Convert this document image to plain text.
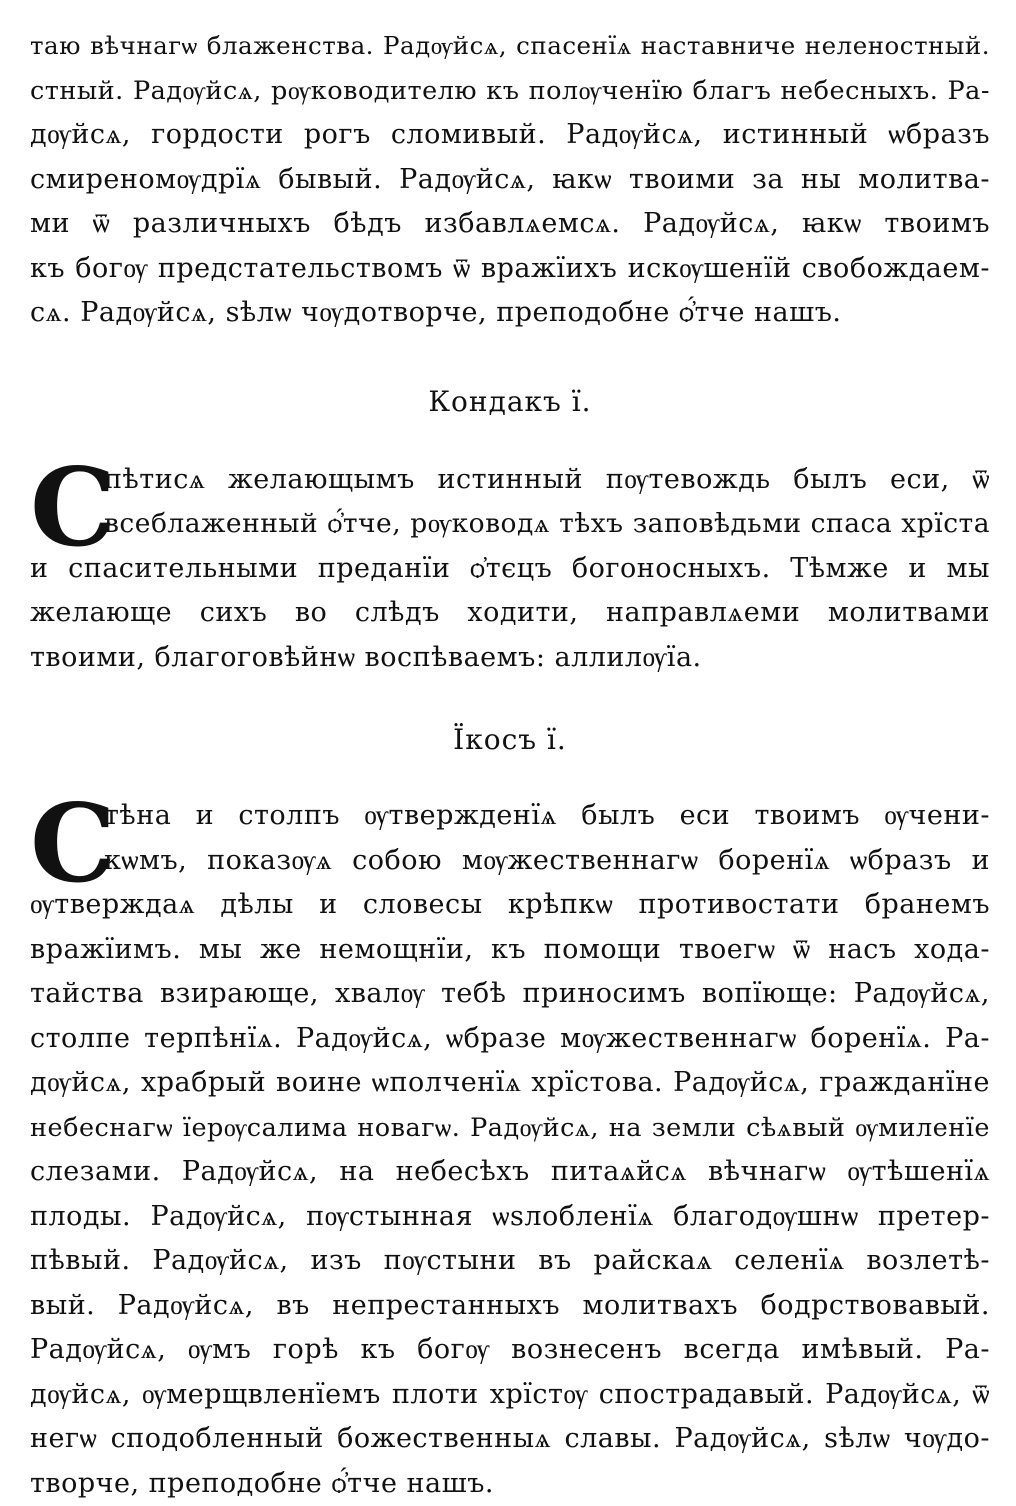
таю вѣчнагѡ блаженства. Радѹйсѧ, спасенїѧ наставниче неленостный.
стный. Радѹйсѧ, рѹководителю къ полѹченїю благъ небесныхъ. Ра-
дѹйсѧ, гордости рогъ сломивый. Радѹйсѧ, истинный ѡбразъ
смиреномѹдрїѧ бывый. Радѹйсѧ, ꙗкѡ твоими за ны молитва-
ми ѿ различныхъ бѣдъ избавлѧемсѧ. Радѹйсѧ, ꙗкѡ твоимъ
къ богѹ предстательствомъ ѿ вражїихъ искѹшенїй свобождаем-
сѧ. Радѹйсѧ, ѕѣлѡ чѹдотворче, преподобне ѻ҆́тче нашъ.
Кондакъ ї.
С
пѣтисѧ желающымъ истинный пѹтевождь былъ еси, ѿ
всеблаженный ѻ҆́тче, рѹководѧ тѣхъ заповѣдьми спаса хрїста
и спасительными преданїи ѻ҆тєцъ богоносныхъ. Тѣмже и мы
желающе сихъ во слѣдъ ходити, направлѧеми молитвами
твоими, благоговѣйнѡ воспѣваемъ: аллилѹїа.
Їкосъ ї.
С
тѣна и столпъ ѹтвержденїѧ былъ еси твоимъ ѹчени-
кѡмъ, показѹѧ собою мѹжественнагѡ боренїѧ ѡбразъ и
ѹтверждаѧ дѣлы и словесы крѣпкѡ противостати бранемъ
вражїимъ. мы же немощнїи, къ помощи твоегѡ ѿ насъ хода-
тайства взирающе, хвалѹ тебѣ приносимъ вопїюще: Радѹйсѧ,
столпе терпѣнїѧ. Радѹйсѧ, ѡбразе мѹжественнагѡ боренїѧ. Ра-
дѹйсѧ, храбрый воине ѡполченїѧ хрїстова. Радѹйсѧ, гражданїне
небеснагѡ їерѹсалима новагѡ. Радѹйсѧ, на земли сѣѧвый ѹмиленїе
слезами. Радѹйсѧ, на небесѣхъ питаѧйсѧ вѣчнагѡ ѹтѣшенїѧ
плоды. Радѹйсѧ, пѹстынная ѡѕлобленїѧ благодѹшнѡ претер-
пѣвый. Радѹйсѧ, изъ пѹстыни въ райскаѧ селенїѧ возлетѣ-
вый. Радѹйсѧ, въ непрестанныхъ молитвахъ бодрствовавый.
Радѹйсѧ, ѹмъ горѣ къ богѹ вознесенъ всегда имѣвый. Ра-
дѹйсѧ, ѹмерщвленїемъ плоти хрїстѹ спострадавый. Радѹйсѧ, ѿ
негѡ сподобленный божественныѧ славы. Радѹйсѧ, ѕѣлѡ чѹдо-
творче, преподобне ѻ҆́тче нашъ.
